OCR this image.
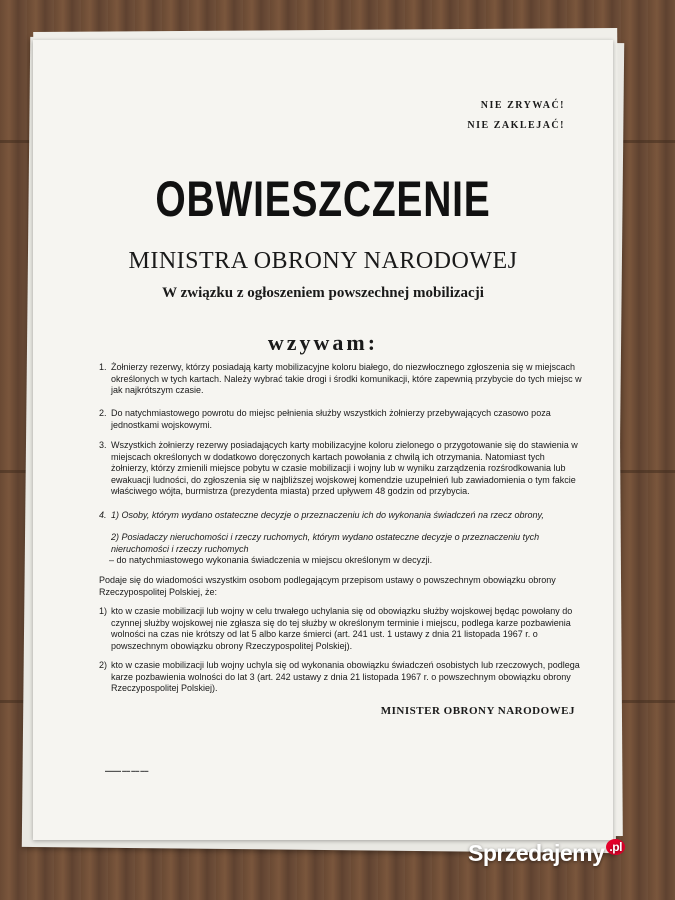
NIE ZRYWAĆ!
NIE ZAKLEJAĆ!
OBWIESZCZENIE
MINISTRA OBRONY NARODOWEJ
W związku z ogłoszeniem powszechnej mobilizacji
wzywam:
1. Żołnierzy rezerwy, którzy posiadają karty mobilizacyjne koloru białego, do niezwłocznego zgłoszenia się w miejscach określonych w tych kartach. Należy wybrać takie drogi i środki komunikacji, które zapewnią przybycie do tych miejsc w jak najkrótszym czasie.
2. Do natychmiastowego powrotu do miejsc pełnienia służby wszystkich żołnierzy przebywających czasowo poza jednostkami wojskowymi.
3. Wszystkich żołnierzy rezerwy posiadających karty mobilizacyjne koloru zielonego o przygotowanie się do stawienia w miejscach określonych w dodatkowo doręczonych kartach powołania z chwilą ich otrzymania. Natomiast tych żołnierzy, którzy zmienili miejsce pobytu w czasie mobilizacji i wojny lub w wyniku zarządzenia rozśrodkowania lub ewakuacji ludności, do zgłoszenia się w najbliższej wojskowej komendzie uzupełnień lub zawiadomienia o tym fakcie właściwego wójta, burmistrza (prezydenta miasta) przed upływem 48 godzin od przybycia.
4. 1) Osoby, którym wydano ostateczne decyzje o przeznaczeniu ich do wykonania świadczeń na rzecz obrony,
2) Posiadaczy nieruchomości i rzeczy ruchomych, którym wydano ostateczne decyzje o przeznaczeniu tych nieruchomości i rzeczy ruchomych
– do natychmiastowego wykonania świadczenia w miejscu określonym w decyzji.
Podaje się do wiadomości wszystkim osobom podlegającym przepisom ustawy o powszechnym obowiązku obrony Rzeczypospolitej Polskiej, że:
1) kto w czasie mobilizacji lub wojny w celu trwałego uchylania się od obowiązku służby wojskowej będąc powołany do czynnej służby wojskowej nie zgłasza się do tej służby w określonym terminie i miejscu, podlega karze pozbawienia wolności na czas nie krótszy od lat 5 albo karze śmierci (art. 241 ust. 1 ustawy z dnia 21 listopada 1967 r. o powszechnym obowiązku obrony Rzeczypospolitej Polskiej).
2) kto w czasie mobilizacji lub wojny uchyla się od wykonania obowiązku świadczeń osobistych lub rzeczowych, podlega karze pozbawienia wolności do lat 3 (art. 242 ustawy z dnia 21 listopada 1967 r. o powszechnym obowiązku obrony Rzeczypospolitej Polskiej).
MINISTER OBRONY NARODOWEJ
▬▬▬▬ ▬▬ ▬▬ ▬▬
Sprzedajemy $^{.pl}$
